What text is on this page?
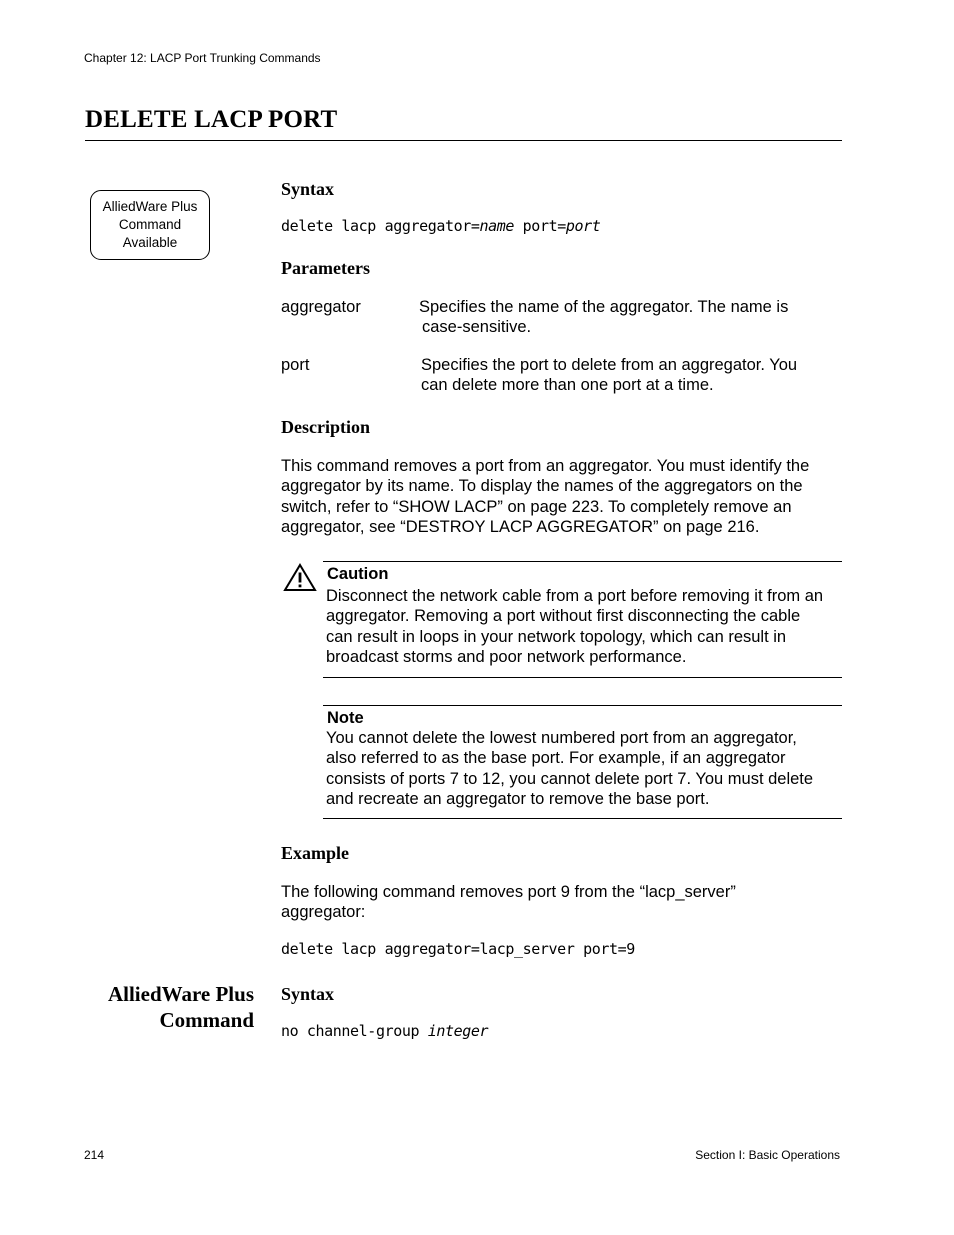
Chapter 12: LACP Port Trunking Commands
DELETE LACP PORT
AlliedWare Plus
Command
Available
Syntax
delete lacp aggregator=name port=port
Parameters
aggregator	Specifies the name of the aggregator. The name is
case-sensitive.
port	Specifies the port to delete from an aggregator. You
can delete more than one port at a time.
Description
This command removes a port from an aggregator. You must identify the
aggregator by its name. To display the names of the aggregators on the
switch, refer to “SHOW LACP” on page 223. To completely remove an
aggregator, see “DESTROY LACP AGGREGATOR” on page 216.
Caution
Disconnect the network cable from a port before removing it from an
aggregator. Removing a port without first disconnecting the cable
can result in loops in your network topology, which can result in
broadcast storms and poor network performance.
Note
You cannot delete the lowest numbered port from an aggregator,
also referred to as the base port. For example, if an aggregator
consists of ports 7 to 12, you cannot delete port 7. You must delete
and recreate an aggregator to remove the base port.
Example
The following command removes port 9 from the “lacp_server”
aggregator:
delete lacp aggregator=lacp_server port=9
AlliedWare Plus
Command
Syntax
no channel-group integer
214	Section I: Basic Operations
